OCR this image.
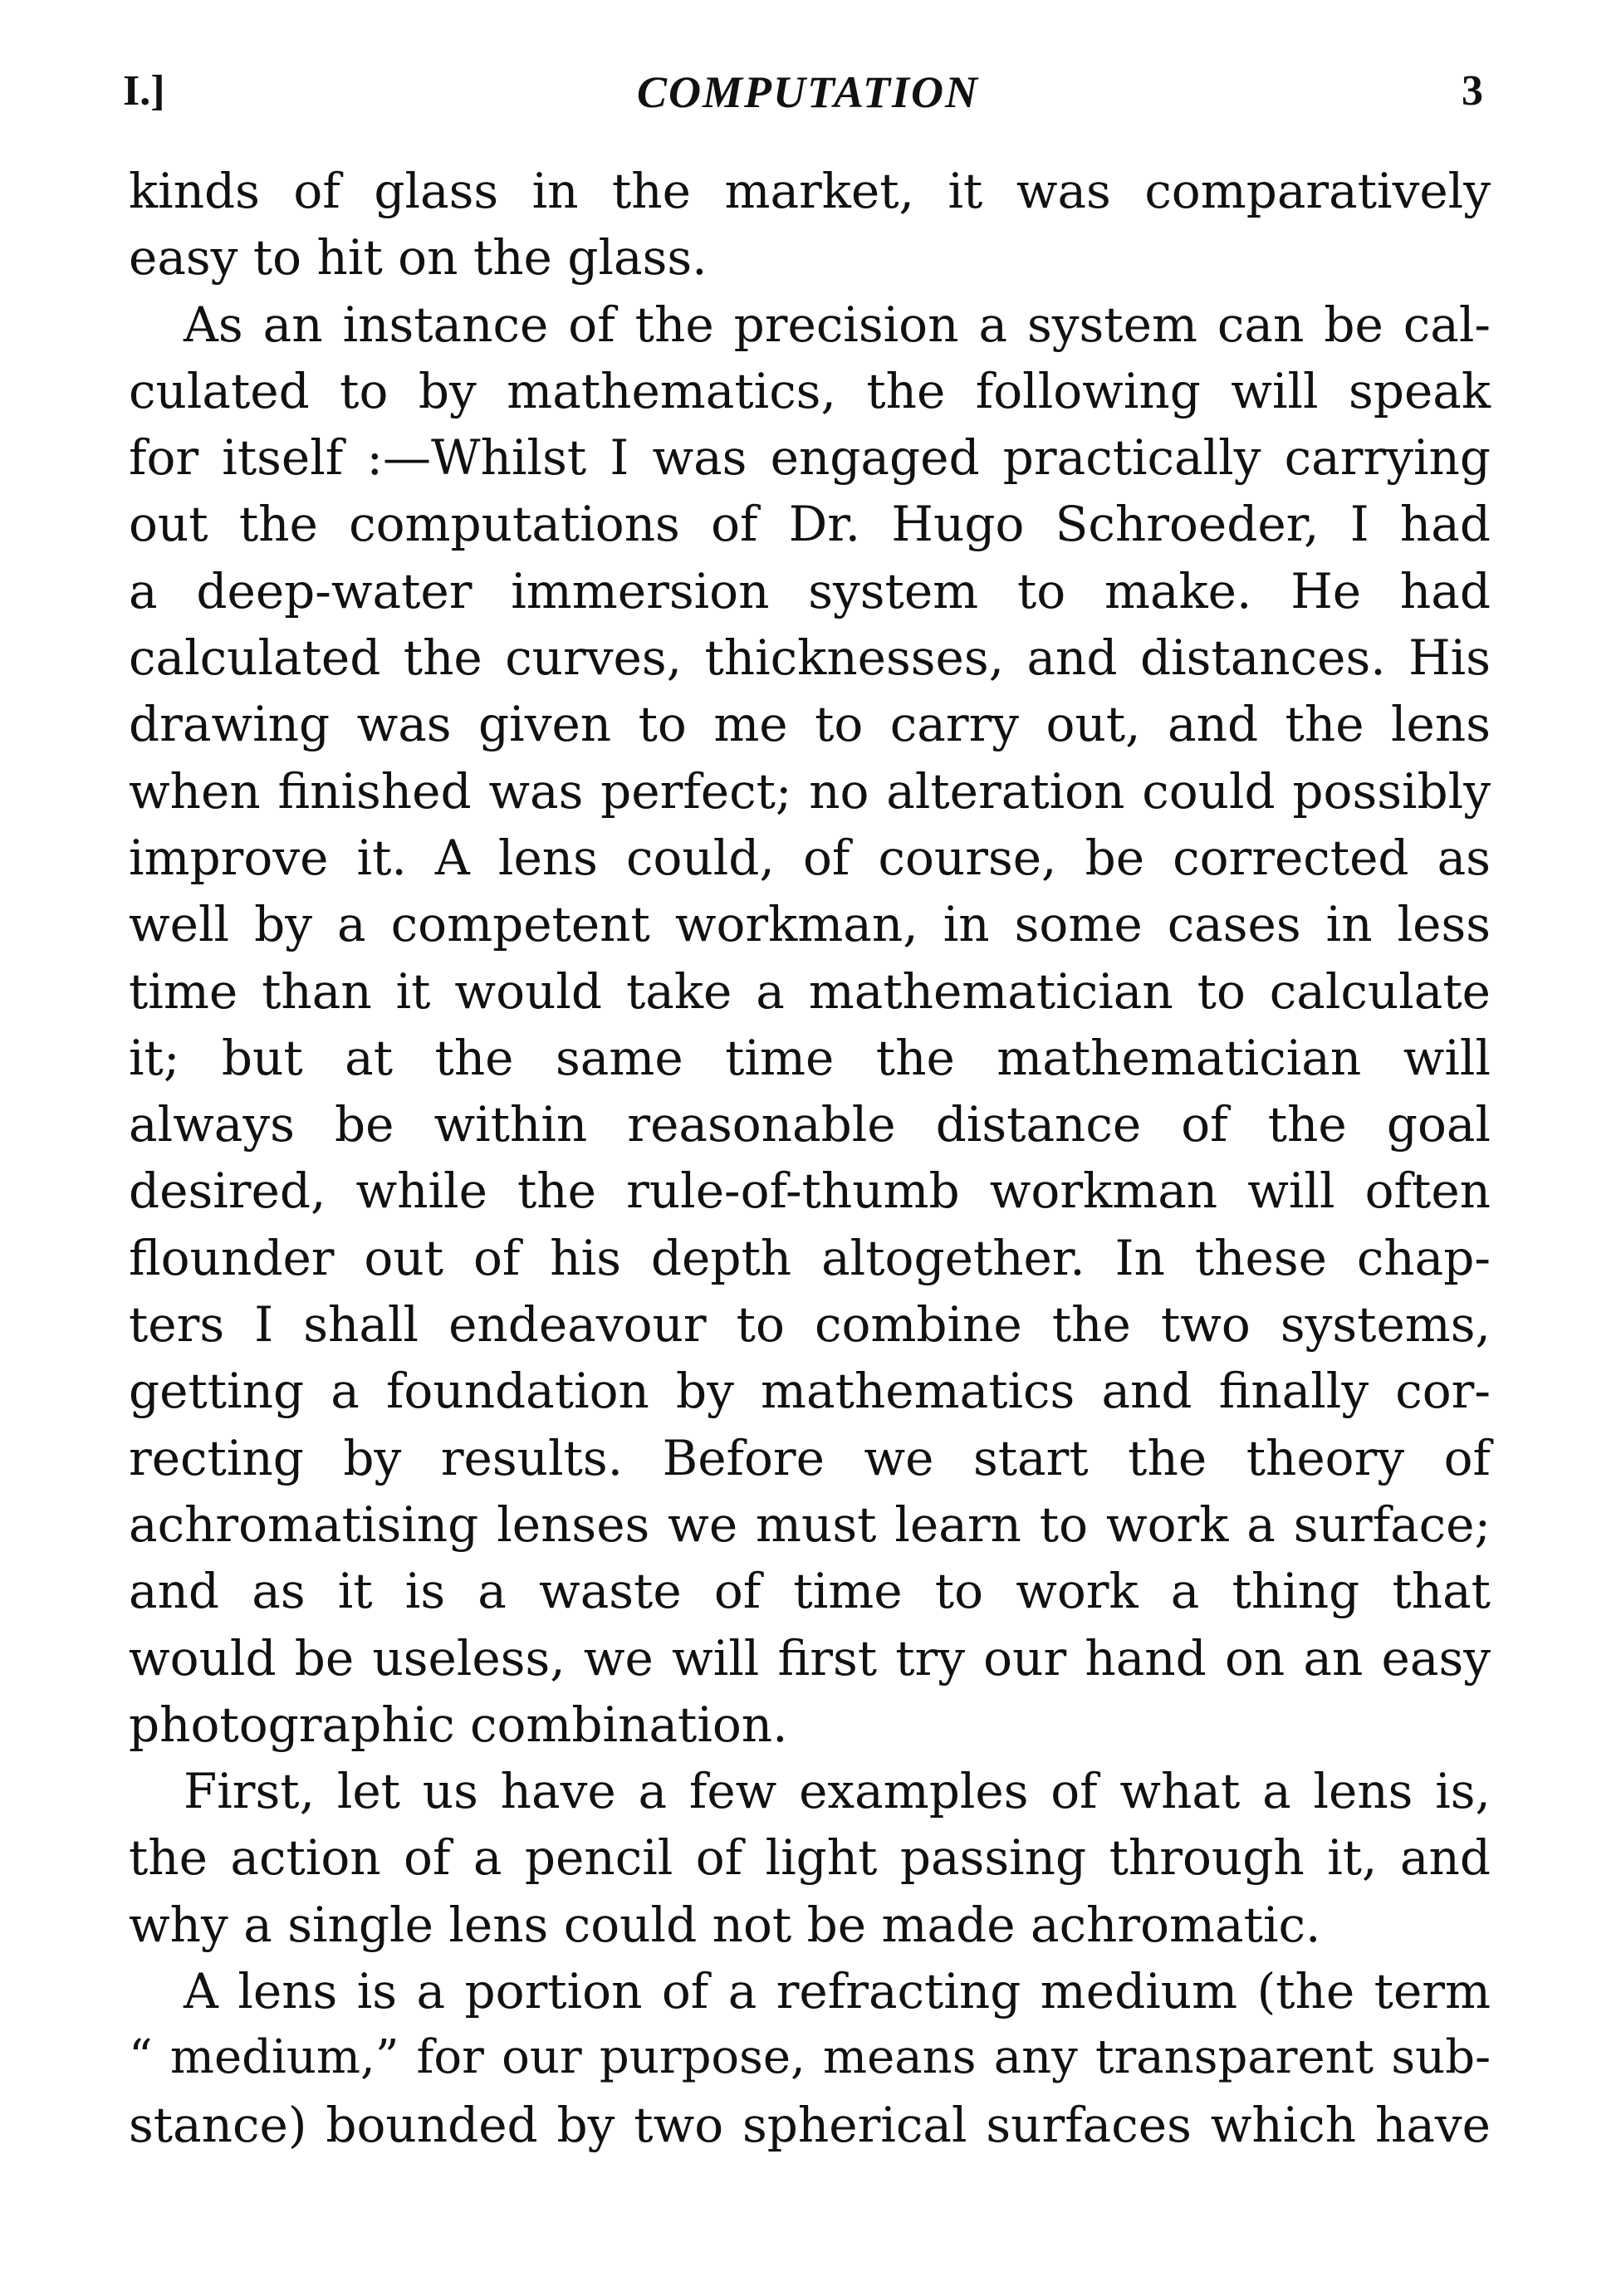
I.]	COMPUTATION	3
kinds of glass in the market, it was comparatively
easy to hit on the glass.
As an instance of the precision a system can be cal-
culated to by mathematics, the following will speak
for itself :—Whilst I was engaged practically carrying
out the computations of Dr. Hugo Schroeder, I had
a deep-water immersion system to make. He had
calculated the curves, thicknesses, and distances. His
drawing was given to me to carry out, and the lens
when finished was perfect; no alteration could possibly
improve it. A lens could, of course, be corrected as
well by a competent workman, in some cases in less
time than it would take a mathematician to calculate
it; but at the same time the mathematician will
always be within reasonable distance of the goal
desired, while the rule-of-thumb workman will often
flounder out of his depth altogether. In these chap-
ters I shall endeavour to combine the two systems,
getting a foundation by mathematics and finally cor-
recting by results. Before we start the theory of
achromatising lenses we must learn to work a surface;
and as it is a waste of time to work a thing that
would be useless, we will first try our hand on an easy
photographic combination.
First, let us have a few examples of what a lens is,
the action of a pencil of light passing through it, and
why a single lens could not be made achromatic.
A lens is a portion of a refracting medium (the term
“ medium,” for our purpose, means any transparent sub-
stance) bounded by two spherical surfaces which have
